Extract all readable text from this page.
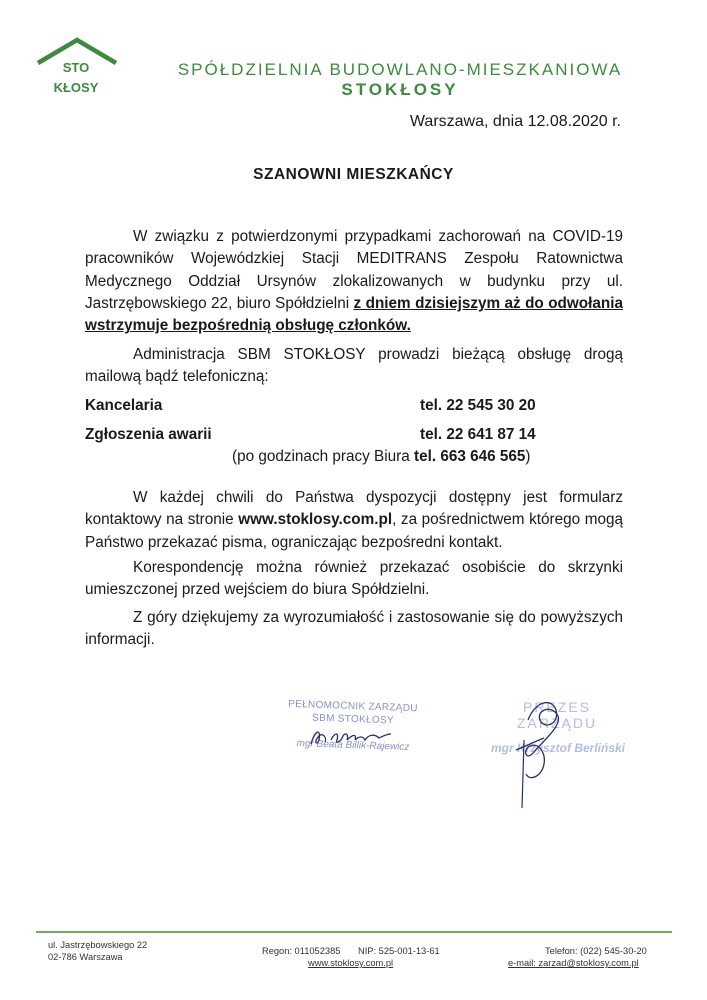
STO
KŁOSY
SPÓŁDZIELNIA BUDOWLANO-MIESZKANIOWA
STOKŁOSY
Warszawa, dnia 12.08.2020 r.
SZANOWNI MIESZKAŃCY

W związku z potwierdzonymi przypadkami zachorowań na COVID-19 pracowników Wojewódzkiej Stacji MEDITRANS Zespołu Ratownictwa Medycznego Oddział Ursynów zlokalizowanych w budynku przy ul. Jastrzębowskiego 22, biuro Spółdzielni z dniem dzisiejszym aż do odwołania wstrzymuje bezpośrednią obsługę członków.

Administracja SBM STOKŁOSY prowadzi bieżącą obsługę drogą mailową bądź telefoniczną:

Kancelaria	tel. 22 545 30 20
Zgłoszenia awarii	tel. 22 641 87 14
(po godzinach pracy Biura tel. 663 646 565)

W każdej chwili do Państwa dyspozycji dostępny jest formularz kontaktowy na stronie www.stoklosy.com.pl, za pośrednictwem którego mogą Państwo przekazać pisma, ograniczając bezpośredni kontakt.

Korespondencję można również przekazać osobiście do skrzynki umieszczonej przed wejściem do biura Spółdzielni.

Z góry dziękujemy za wyrozumiałość i zastosowanie się do powyższych informacji.

PEŁNOMOCNIK ZARZĄDU
SBM STOKŁOSY
mgr Beata Billik-Rajewicz
PREZES ZARZĄDU
mgr Krzysztof Berliński
ul. Jastrzębowskiego 22
02-786 Warszawa
Regon: 011052385 NIP: 525-001-13-61
www.stoklosy.com.pl
Telefon: (022) 545-30-20
e-mail: zarzad@stoklosy.com.pl
